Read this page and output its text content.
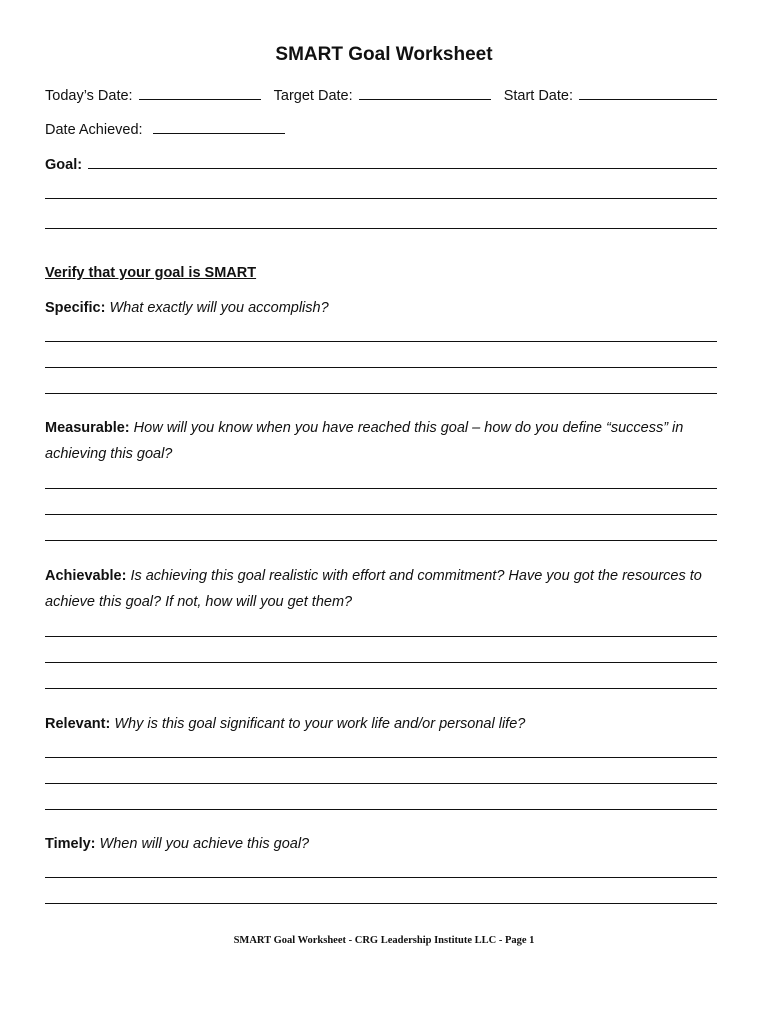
SMART Goal Worksheet
Today’s Date:	Target Date:	Start Date:
Date Achieved:
Goal:
Verify that your goal is SMART
Specific: What exactly will you accomplish?
Measurable: How will you know when you have reached this goal – how do you define “success” in achieving this goal?
Achievable: Is achieving this goal realistic with effort and commitment? Have you got the resources to achieve this goal? If not, how will you get them?
Relevant: Why is this goal significant to your work life and/or personal life?
Timely: When will you achieve this goal?
SMART Goal Worksheet - CRG Leadership Institute LLC - Page 1
